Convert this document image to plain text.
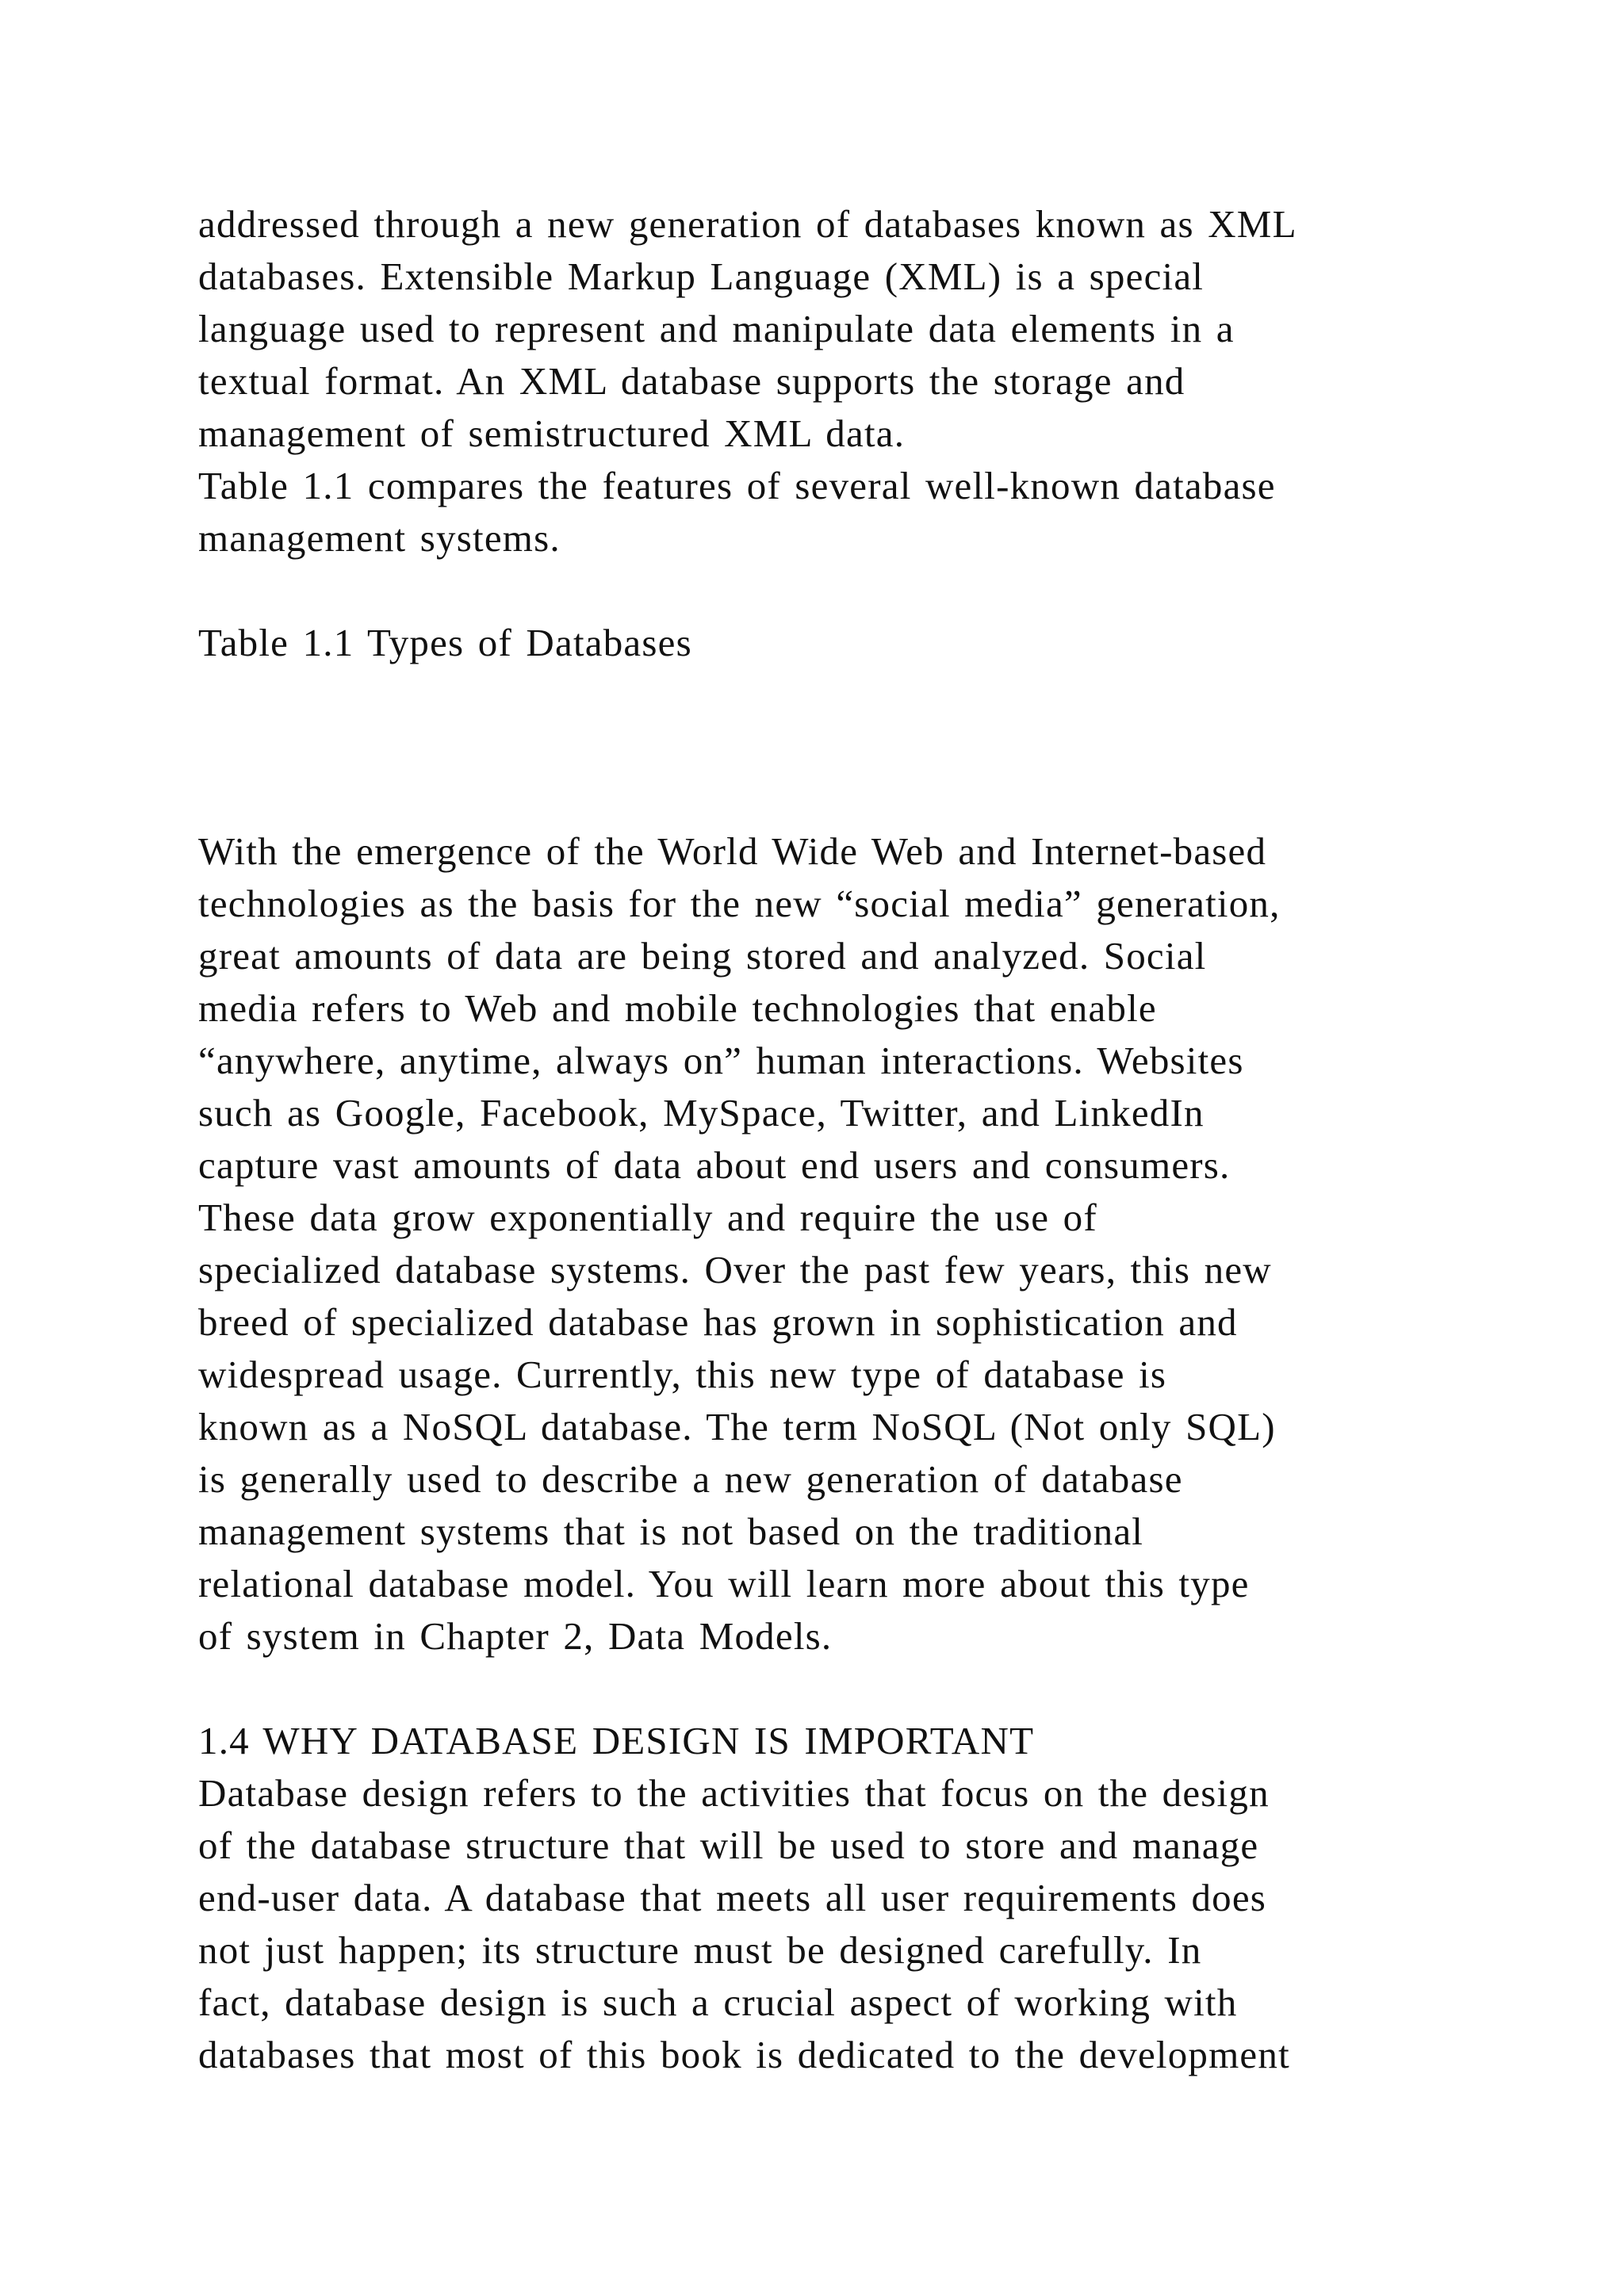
addressed through a new generation of databases known as XML
databases. Extensible Markup Language (XML) is a special
language used to represent and manipulate data elements in a
textual format. An XML database supports the storage and
management of semistructured XML data.
Table 1.1 compares the features of several well-known database
management systems.
Table 1.1 Types of Databases
With the emergence of the World Wide Web and Internet-based
technologies as the basis for the new “social media” generation,
great amounts of data are being stored and analyzed. Social
media refers to Web and mobile technologies that enable
“anywhere, anytime, always on” human interactions. Websites
such as Google, Facebook, MySpace, Twitter, and LinkedIn
capture vast amounts of data about end users and consumers.
These data grow exponentially and require the use of
specialized database systems. Over the past few years, this new
breed of specialized database has grown in sophistication and
widespread usage. Currently, this new type of database is
known as a NoSQL database. The term NoSQL (Not only SQL)
is generally used to describe a new generation of database
management systems that is not based on the traditional
relational database model. You will learn more about this type
of system in Chapter 2, Data Models.
1.4 WHY DATABASE DESIGN IS IMPORTANT
Database design refers to the activities that focus on the design
of the database structure that will be used to store and manage
end-user data. A database that meets all user requirements does
not just happen; its structure must be designed carefully. In
fact, database design is such a crucial aspect of working with
databases that most of this book is dedicated to the development
